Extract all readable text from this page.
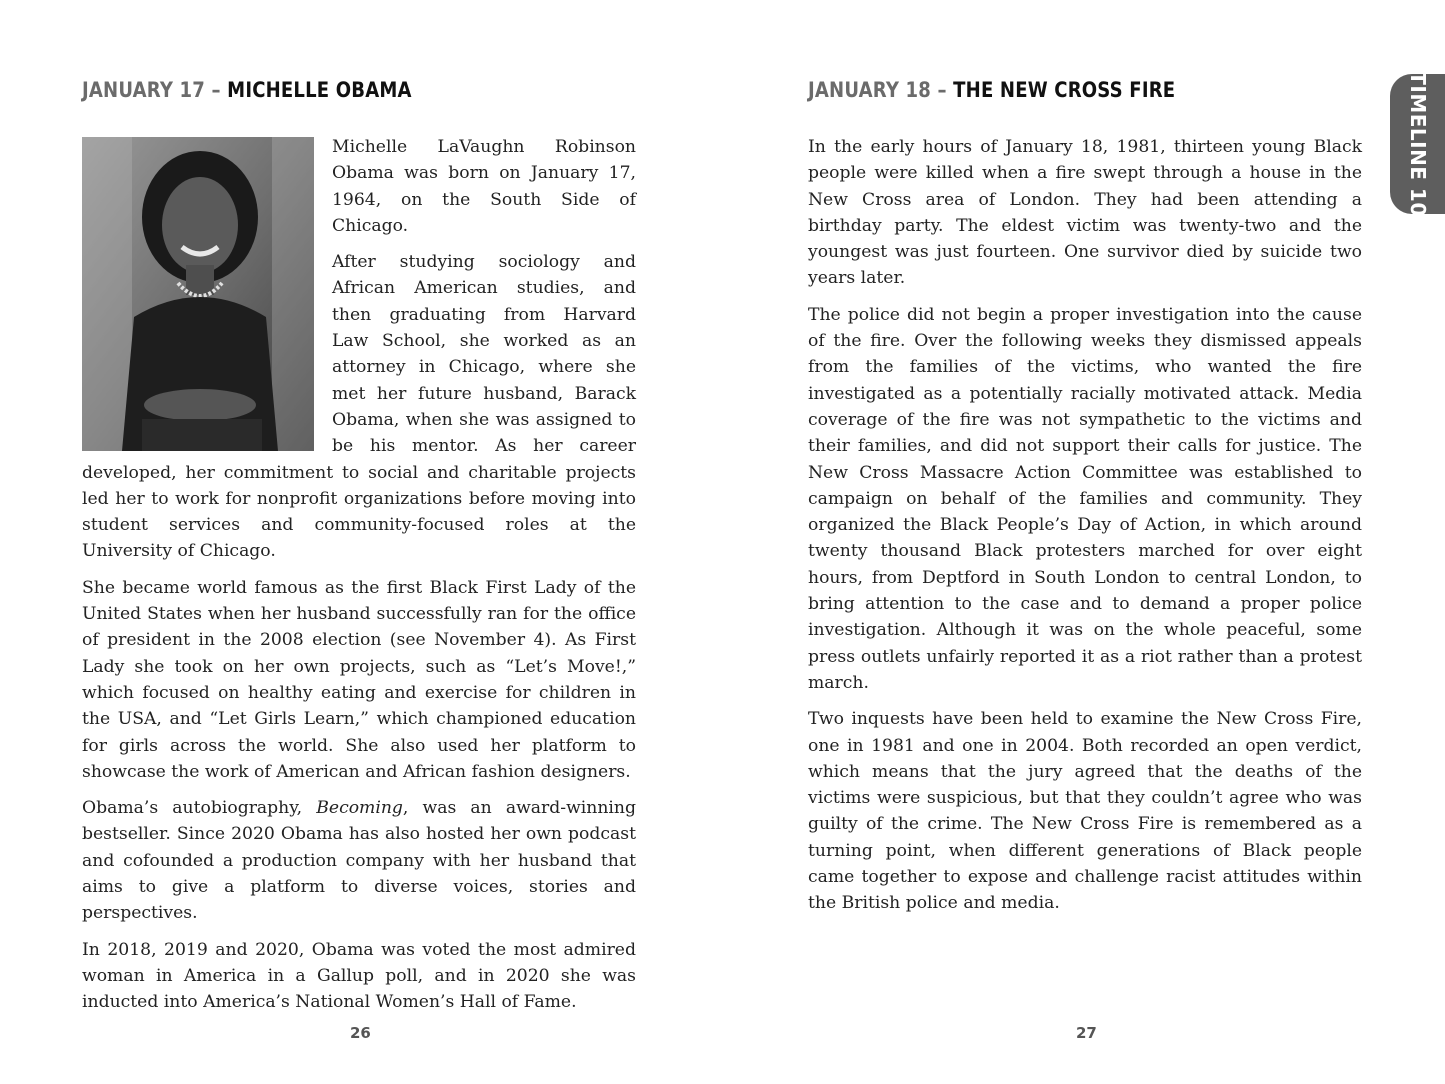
JANUARY 17 – MICHELLE OBAMA

Michelle LaVaughn Robinson Obama was born on January 17, 1964, on the South Side of Chicago.

After studying sociology and African American studies, and then graduating from Harvard Law School, she worked as an attorney in Chicago, where she met her future husband, Barack Obama, when she was assigned to be his mentor. As her career developed, her commitment to social and charitable projects led her to work for nonprofit organizations before moving into student services and community-focused roles at the University of Chicago.

She became world famous as the first Black First Lady of the United States when her husband successfully ran for the office of president in the 2008 election (see November 4). As First Lady she took on her own projects, such as “Let’s Move!,” which focused on healthy eating and exercise for children in the USA, and “Let Girls Learn,” which championed education for girls across the world. She also used her platform to showcase the work of American and African fashion designers.

Obama’s autobiography, Becoming, was an award-winning bestseller. Since 2020 Obama has also hosted her own podcast and cofounded a production company with her husband that aims to give a platform to diverse voices, stories and perspectives.

In 2018, 2019 and 2020, Obama was voted the most admired woman in America in a Gallup poll, and in 2020 she was inducted into America’s National Women’s Hall of Fame.

26
JANUARY 18 – THE NEW CROSS FIRE

In the early hours of January 18, 1981, thirteen young Black people were killed when a fire swept through a house in the New Cross area of London. They had been attending a birthday party. The eldest victim was twenty-two and the youngest was just fourteen. One survivor died by suicide two years later.

The police did not begin a proper investigation into the cause of the fire. Over the following weeks they dismissed appeals from the families of the victims, who wanted the fire investigated as a potentially racially motivated attack. Media coverage of the fire was not sympathetic to the victims and their families, and did not support their calls for justice. The New Cross Massacre Action Committee was established to campaign on behalf of the families and community. They organized the Black People’s Day of Action, in which around twenty thousand Black protesters marched for over eight hours, from Deptford in South London to central London, to bring attention to the case and to demand a proper police investigation. Although it was on the whole peaceful, some press outlets unfairly reported it as a riot rather than a protest march.

Two inquests have been held to examine the New Cross Fire, one in 1981 and one in 2004. Both recorded an open verdict, which means that the jury agreed that the deaths of the victims were suspicious, but that they couldn’t agree who was guilty of the crime. The New Cross Fire is remembered as a turning point, when different generations of Black people came together to expose and challenge racist attitudes within the British police and media.

27
TIMELINE 10
